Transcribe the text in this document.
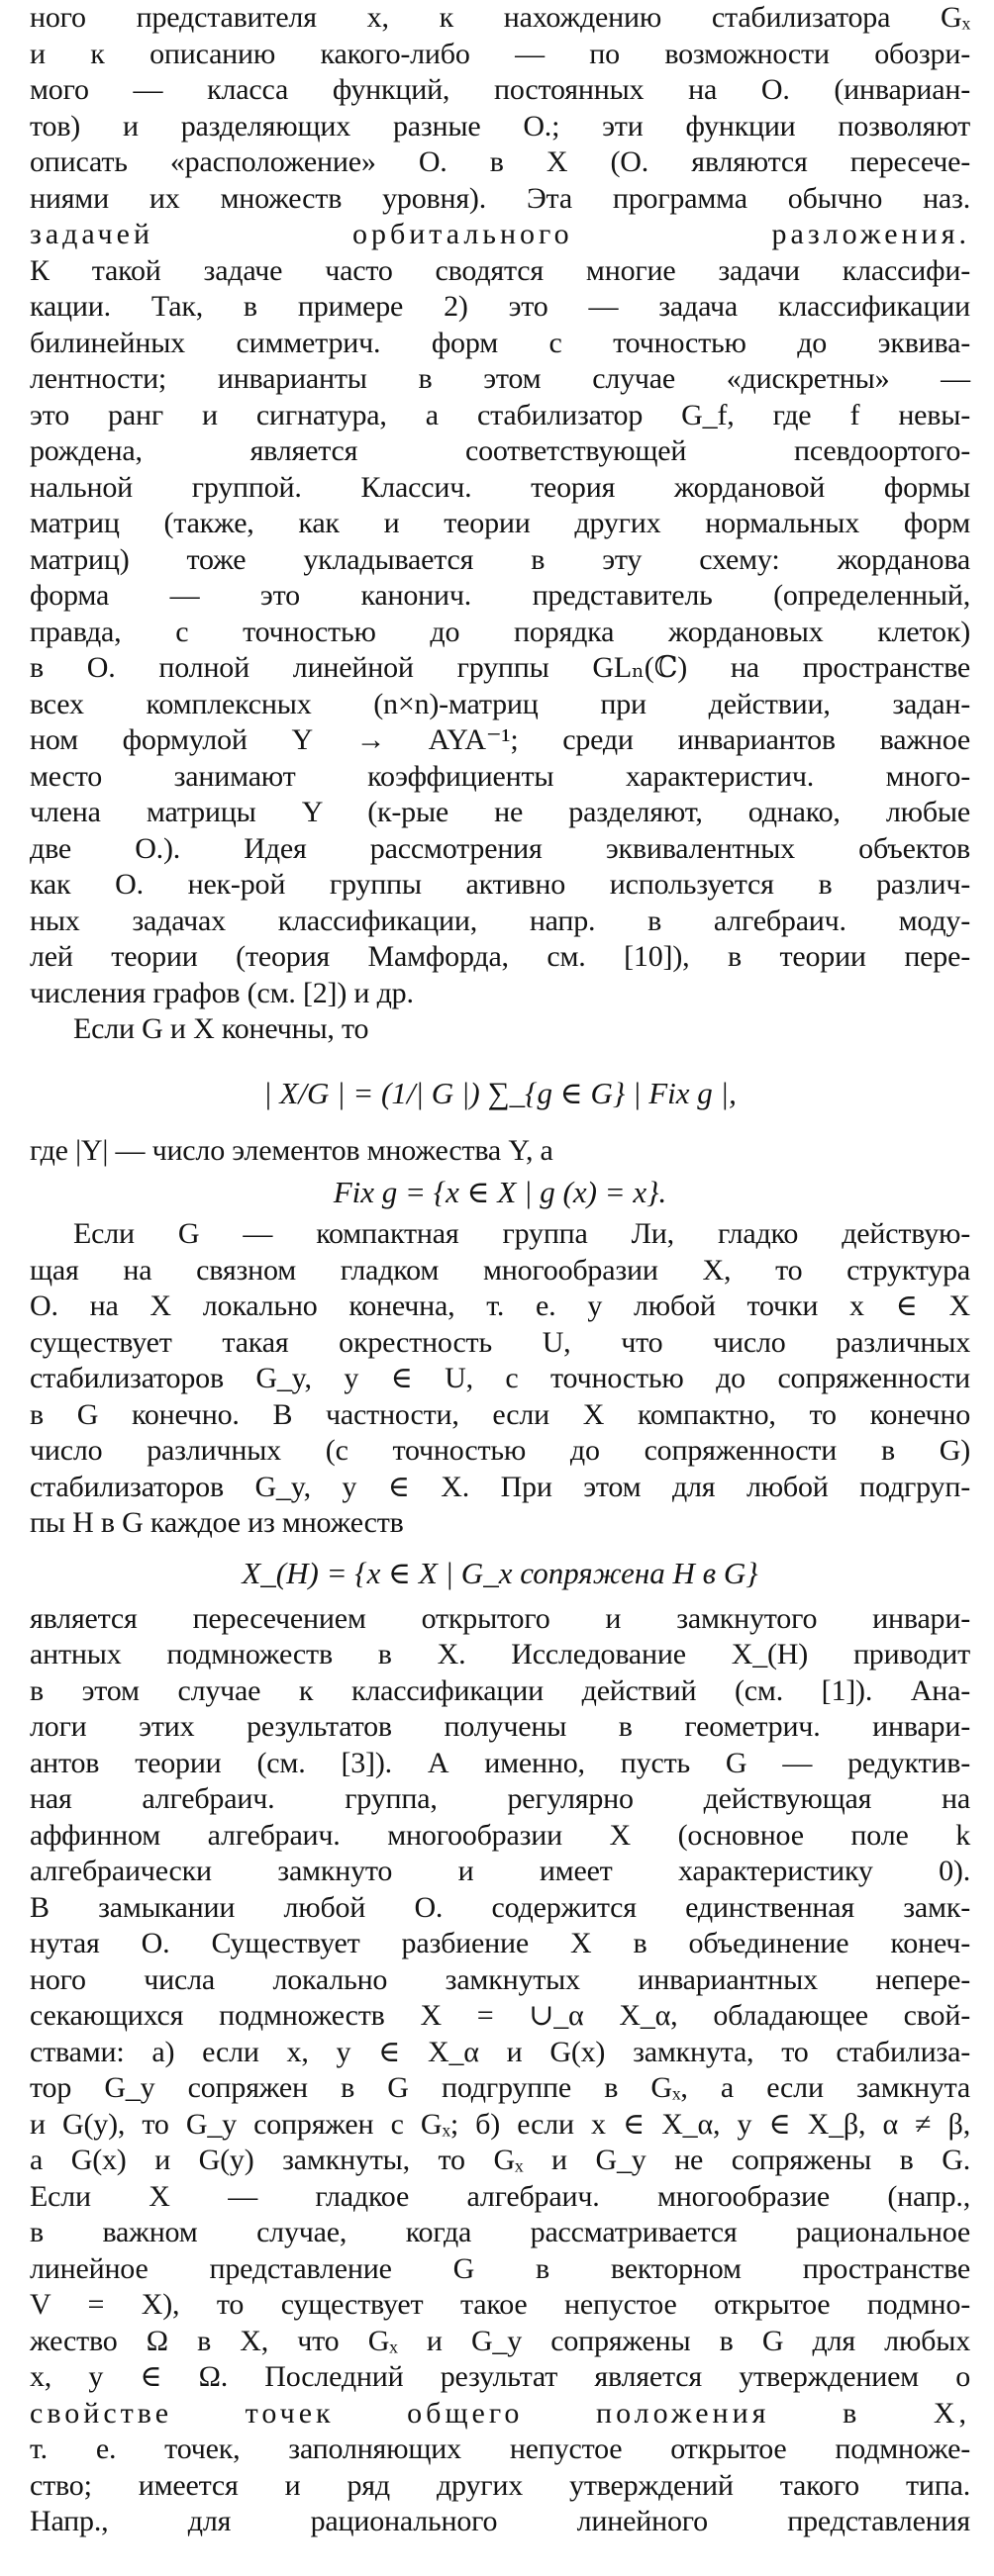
ного представителя x, к нахождению стабилизатора Gₓ
и к описанию какого-либо — по возможности обозри-
мого — класса функций, постоянных на О. (инвариан-
тов) и разделяющих разные О.; эти функции позволяют
описать «расположение» О. в X (О. являются пересече-
ниями их множеств уровня). Эта программа обычно наз.
задачей орбитального разложения.
К такой задаче часто сводятся многие задачи классифи-
кации. Так, в примере 2) это — задача классификации
билинейных симметрич. форм с точностью до эквива-
лентности; инварианты в этом случае «дискретны» —
это ранг и сигнатура, а стабилизатор G_f, где f невы-
рождена, является соответствующей псевдоортого-
нальной группой. Классич. теория жордановой формы
матриц (также, как и теории других нормальных форм
матриц) тоже укладывается в эту схему: жорданова
форма — это канонич. представитель (определенный,
правда, с точностью до порядка жордановых клеток)
в О. полной линейной группы GLₙ(ℂ) на пространстве
всех комплексных (n×n)-матриц при действии, задан-
ном формулой Y → AYA⁻¹; среди инвариантов важное
место занимают коэффициенты характеристич. много-
члена матрицы Y (к-рые не разделяют, однако, любые
две О.). Идея рассмотрения эквивалентных объектов
как О. нек-рой группы активно используется в различ-
ных задачах классификации, напр. в алгебраич. моду-
лей теории (теория Мамфорда, см. [10]), в теории пере-
числения графов (см. [2]) и др.
Если G и X конечны, то
| X/G | = (1/| G |) ∑_{g ∈ G} | Fix g |,
где |Y| — число элементов множества Y, а
Fix g = {x ∈ X | g (x) = x}.
Если G — компактная группа Ли, гладко действую-
щая на связном гладком многообразии X, то структура
О. на X локально конечна, т. е. у любой точки x ∈ X
существует такая окрестность U, что число различных
стабилизаторов G_y, y ∈ U, с точностью до сопряженности
в G конечно. В частности, если X компактно, то конечно
число различных (с точностью до сопряженности в G)
стабилизаторов G_y, y ∈ X. При этом для любой подгруп-
пы H в G каждое из множеств
X_(H) = {x ∈ X | G_x сопряжена H в G}
является пересечением открытого и замкнутого инвари-
антных подмножеств в X. Исследование X_(H) приводит
в этом случае к классификации действий (см. [1]). Ана-
логи этих результатов получены в геометрич. инвари-
антов теории (см. [3]). А именно, пусть G — редуктив-
ная алгебраич. группа, регулярно действующая на
аффинном алгебраич. многообразии X (основное поле k
алгебраически замкнуто и имеет характеристику 0).
В замыкании любой О. содержится единственная замк-
нутая О. Существует разбиение X в объединение конеч-
ного числа локально замкнутых инвариантных непере-
секающихся подмножеств X = ∪_α X_α, обладающее свой-
ствами: а) если x, y ∈ X_α и G(x) замкнута, то стабилиза-
тор G_y сопряжен в G подгруппе в Gₓ, а если замкнута
и G(y), то G_y сопряжен с Gₓ; б) если x ∈ X_α, y ∈ X_β, α ≠ β,
а G(x) и G(y) замкнуты, то Gₓ и G_y не сопряжены в G.
Если X — гладкое алгебраич. многообразие (напр.,
в важном случае, когда рассматривается рациональное
линейное представление G в векторном пространстве
V = X), то существует такое непустое открытое подмно-
жество Ω в X, что Gₓ и G_y сопряжены в G для любых
x, y ∈ Ω. Последний результат является утверждением о
свойстве точек общего положения в X,
т. е. точек, заполняющих непустое открытое подмноже-
ство; имеется и ряд других утверждений такого типа.
Напр., для рационального линейного представления
